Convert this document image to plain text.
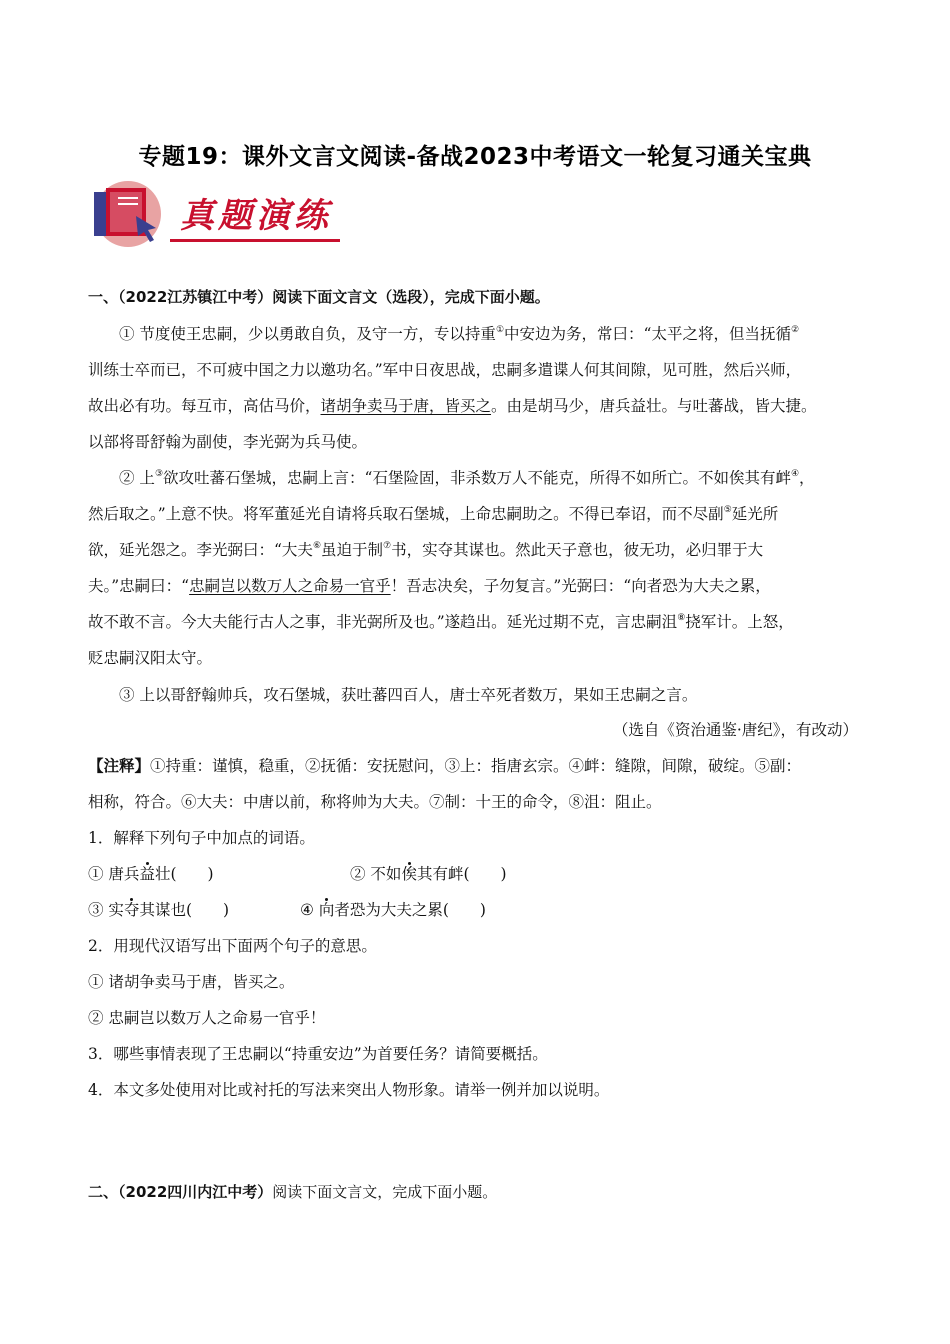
专题19：课外文言文阅读-备战2023中考语文一轮复习通关宝典
真题演练
一、（2022江苏镇江中考）阅读下面文言文（选段），完成下面小题。
① 节度使王忠嗣，少以勇敢自负，及守一方，专以持重①中安边为务，常曰：“太平之将，但当抚循②
训练士卒而已，不可疲中国之力以邀功名。”军中日夜思战，忠嗣多遣谍人何其间隙，见可胜，然后兴师，
故出必有功。每互市，高估马价，诸胡争卖马于唐，皆买之。由是胡马少，唐兵益壮。与吐蕃战，皆大捷。
以部将哥舒翰为副使，李光弼为兵马使。
② 上③欲攻吐蕃石堡城，忠嗣上言：“石堡险固，非杀数万人不能克，所得不如所亡。不如俟其有衅④，
然后取之。”上意不快。将军董延光自请将兵取石堡城，上命忠嗣助之。不得已奉诏，而不尽副⑤延光所
欲，延光怨之。李光弼曰：“大夫⑥虽迫于制⑦书，实夺其谋也。然此天子意也，彼无功，必归罪于大
夫。”忠嗣曰：“忠嗣岂以数万人之命易一官乎！吾志决矣，子勿复言。”光弼曰：“向者恐为大夫之累，
故不敢不言。今大夫能行古人之事，非光弼所及也。”遂趋出。延光过期不克，言忠嗣沮⑧挠军计。上怒，
贬忠嗣汉阳太守。
③ 上以哥舒翰帅兵，攻石堡城，获吐蕃四百人，唐士卒死者数万，果如王忠嗣之言。
（选自《资治通鉴·唐纪》，有改动）
【注释】①持重：谨慎，稳重，②抚循：安抚慰问，③上：指唐玄宗。④衅：缝隙，间隙，破绽。⑤副：
相称，符合。⑥大夫：中唐以前，称将帅为大夫。⑦制：十王的命令，⑧沮：阻止。
1．解释下列句子中加点的词语。
① 唐兵益壮(　　)	② 不如俟其有衅(　　)
③ 实夺其谋也(　　)	④ 向者恐为大夫之累(　　)
2．用现代汉语写出下面两个句子的意思。
① 诸胡争卖马于唐，皆买之。
② 忠嗣岂以数万人之命易一官乎！
3．哪些事情表现了王忠嗣以“持重安边”为首要任务？请简要概括。
4．本文多处使用对比或衬托的写法来突出人物形象。请举一例并加以说明。
二、（2022四川内江中考）阅读下面文言文，完成下面小题。
